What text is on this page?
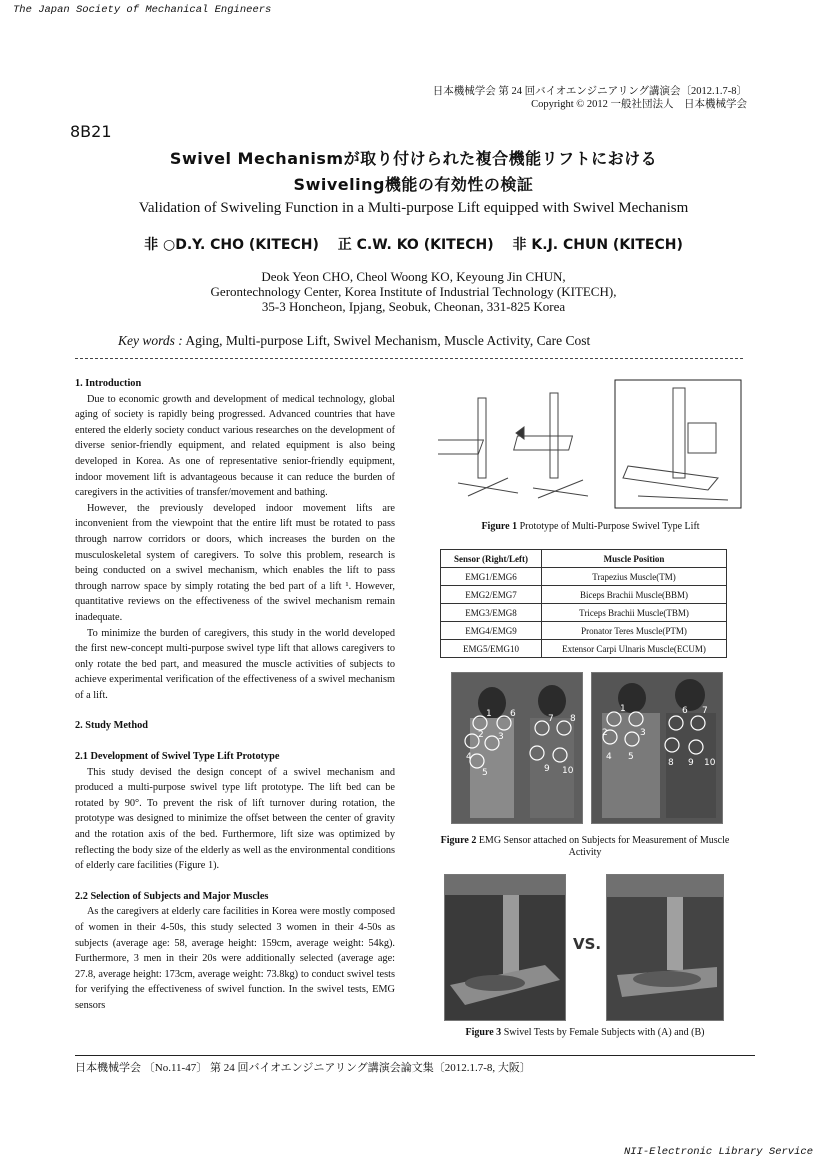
The Japan Society of Mechanical Engineers
日本機械学会 第 24 回バイオエンジニアリング講演会〔2012.1.7-8〕
Copyright © 2012 一般社団法人　日本機械学会
8B21
Swivel Mechanismが取り付けられた複合機能リフトにおける
Swiveling機能の有効性の検証
Validation of Swiveling Function in a Multi-purpose Lift equipped with Swivel Mechanism
非 ○D.Y. CHO (KITECH)　 正 C.W. KO (KITECH)　 非 K.J. CHUN (KITECH)
Deok Yeon CHO, Cheol Woong KO, Keyoung Jin CHUN,
Gerontechnology Center, Korea Institute of Industrial Technology (KITECH),
35-3 Honcheon, Ipjang, Seobuk, Cheonan, 331-825 Korea
Key words : Aging, Multi-purpose Lift, Swivel Mechanism, Muscle Activity, Care Cost
1. Introduction

Due to economic growth and development of medical technology, global aging of society is rapidly being progressed. Advanced countries that have entered the elderly society conduct various researches on the development of diverse senior-friendly equipment, and related equipment is also being developed in Korea. As one of representative senior-friendly equipment, indoor movement lift is advantageous because it can reduce the burden of caregivers in the activities of transfer/movement and bathing.

However, the previously developed indoor movement lifts are inconvenient from the viewpoint that the entire lift must be rotated to pass through narrow corridors or doors, which increases the burden on the musculoskeletal system of caregivers. To solve this problem, research is being conducted on a swivel mechanism, which enables the lift to pass through narrow space by simply rotating the bed part of a lift ¹. However, quantitative reviews on the effectiveness of the swivel mechanism remain inadequate.

To minimize the burden of caregivers, this study in the world developed the first new-concept multi-purpose swivel type lift that allows caregivers to only rotate the bed part, and measured the muscle activities of subjects to achieve experimental verification of the effectiveness of a swivel mechanism of a lift.

2. Study Method
2.1 Development of Swivel Type Lift Prototype

This study devised the design concept of a swivel mechanism and produced a multi-purpose swivel type lift prototype. The lift bed can be rotated by 90°. To prevent the risk of lift turnover during rotation, the prototype was designed to minimize the offset between the center of gravity and the rotation axis of the bed. Furthermore, lift size was optimized by reflecting the body size of the elderly as well as the environmental conditions of elderly care facilities (Figure 1).

2.2 Selection of Subjects and Major Muscles

As the caregivers at elderly care facilities in Korea were mostly composed of women in their 4-50s, this study selected 3 women in their 4-50s as subjects (average age: 58, average height: 159cm, average weight: 54kg). Furthermore, 3 men in their 20s were additionally selected (average age: 27.8, average height: 173cm, average weight: 73.8kg) to conduct swivel tests for verifying the effectiveness of swivel function. In the swivel tests, EMG sensors

Figure 1 Prototype of Multi-Purpose Swivel Type Lift
Sensor (Right/Left)	Muscle Position
EMG1/EMG6	Trapezius Muscle(TM)
EMG2/EMG7	Biceps Brachii Muscle(BBM)
EMG3/EMG8	Triceps Brachii Muscle(TBM)
EMG4/EMG9	Pronator Teres Muscle(PTM)
EMG5/EMG10	Extensor Carpi Ulnaris Muscle(ECUM)
1
2 3
4
5
6	7 8
9 10
1
2	3
4 5
6 7
8 9 10
Figure 2 EMG Sensor attached on Subjects for Measurement of Muscle Activity
VS.
Figure 3 Swivel Tests by Female Subjects with (A) and (B)
日本機械学会 〔No.11-47〕 第 24 回バイオエンジニアリング講演会論文集〔2012.1.7-8, 大阪〕
NII-Electronic Library Service
